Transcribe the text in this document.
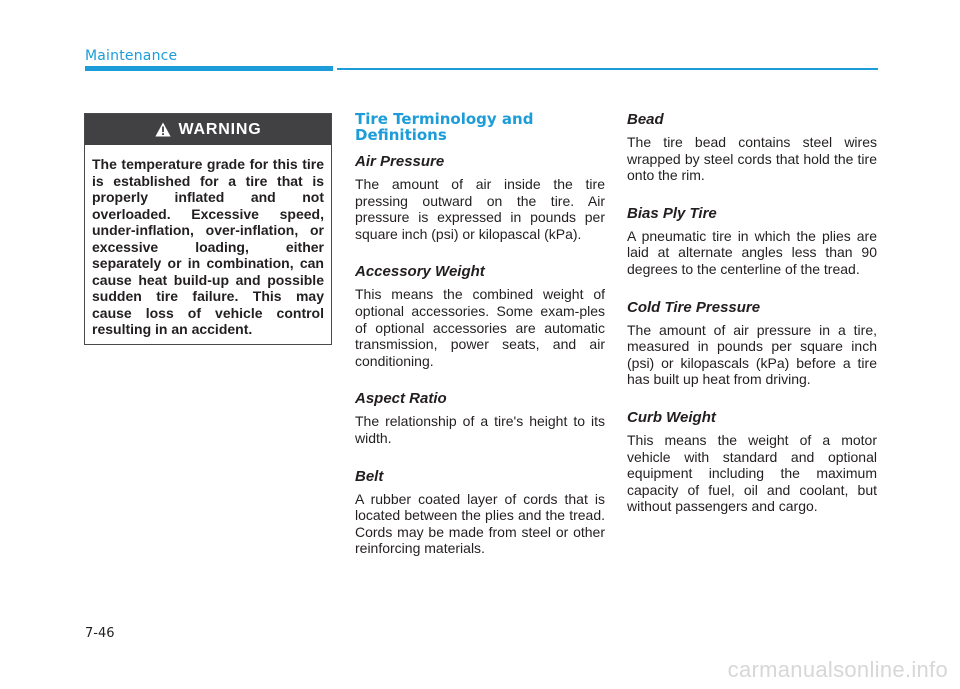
Maintenance
WARNING
The temperature grade for this tire is established for a tire that is properly inflated and not overloaded. Excessive speed, under-inflation, over-inflation, or excessive loading, either separately or in combination, can cause heat build-up and possible sudden tire failure. This may cause loss of vehicle control resulting in an accident.
Tire Terminology and
Definitions
Air Pressure
The amount of air inside the tire pressing outward on the tire. Air pressure is expressed in pounds per square inch (psi) or kilopascal (kPa).
Accessory Weight
This means the combined weight of optional accessories. Some exam-ples of optional accessories are automatic transmission, power seats, and air conditioning.
Aspect Ratio
The relationship of a tire's height to its width.
Belt
A rubber coated layer of cords that is located between the plies and the tread. Cords may be made from steel or other reinforcing materials.
Bead
The tire bead contains steel wires wrapped by steel cords that hold the tire onto the rim.
Bias Ply Tire
A pneumatic tire in which the plies are laid at alternate angles less than 90 degrees to the centerline of the tread.
Cold Tire Pressure
The amount of air pressure in a tire, measured in pounds per square inch (psi) or kilopascals (kPa) before a tire has built up heat from driving.
Curb Weight
This means the weight of a motor vehicle with standard and optional equipment including the maximum capacity of fuel, oil and coolant, but without passengers and cargo.
7-46
carmanualsonline.info
